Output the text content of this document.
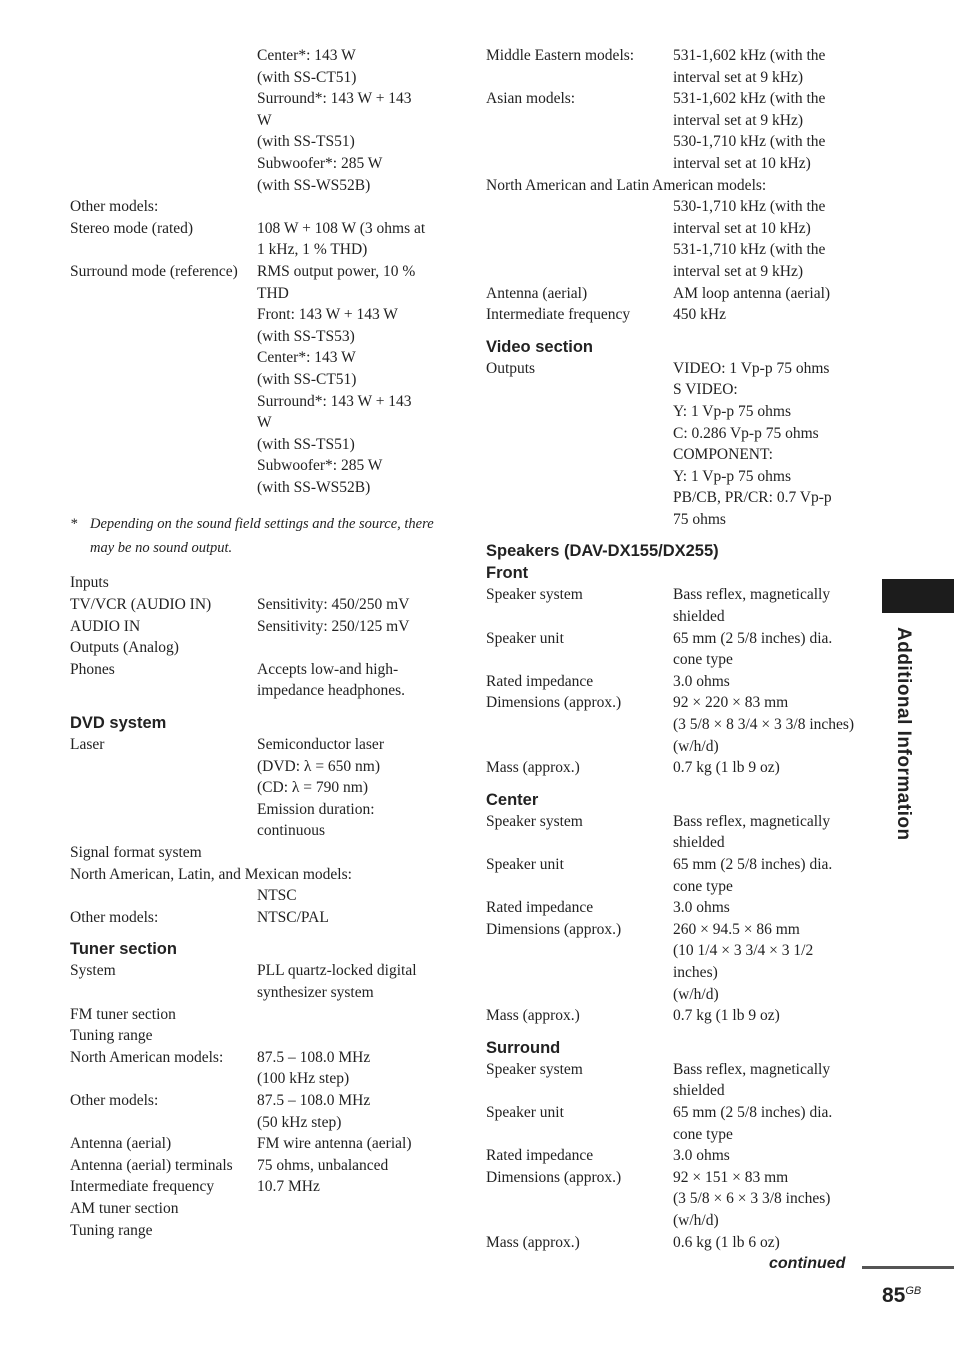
Center*: 143 W
(with SS-CT51)
Surround*: 143 W + 143
W
(with SS-TS51)
Subwoofer*: 285 W
(with SS-WS52B)
Other models:
Stereo mode (rated)	108 W + 108 W (3 ohms at
1 kHz, 1 % THD)
Surround mode (reference)	RMS output power, 10 %
THD
Front: 143 W + 143 W
(with SS-TS53)
Center*: 143 W
(with SS-CT51)
Surround*: 143 W + 143
W
(with SS-TS51)
Subwoofer*: 285 W
(with SS-WS52B)
* Depending on the sound field settings and the source, there may be no sound output.
Inputs
TV/VCR (AUDIO IN)	Sensitivity: 450/250 mV
AUDIO IN	Sensitivity: 250/125 mV
Outputs (Analog)
Phones	Accepts low-and high-
impedance headphones.
DVD system
Laser	Semiconductor laser
(DVD: λ = 650 nm)
(CD: λ = 790 nm)
Emission duration:
continuous
Signal format system
North American, Latin, and Mexican models:
NTSC
Other models:	NTSC/PAL
Tuner section
System	PLL quartz-locked digital
synthesizer system
FM tuner section
Tuning range
North American models:	87.5 – 108.0 MHz
(100 kHz step)
Other models:	87.5 – 108.0 MHz
(50 kHz step)
Antenna (aerial)	FM wire antenna (aerial)
Antenna (aerial) terminals	75 ohms, unbalanced
Intermediate frequency	10.7 MHz
AM tuner section
Tuning range
Middle Eastern models:	531-1,602 kHz (with the
interval set at 9 kHz)
Asian models:	531-1,602 kHz (with the
interval set at 9 kHz)
530-1,710 kHz (with the
interval set at 10 kHz)
North American and Latin American models:
530-1,710 kHz (with the
interval set at 10 kHz)
531-1,710 kHz (with the
interval set at 9 kHz)
Antenna (aerial)	AM loop antenna (aerial)
Intermediate frequency	450 kHz
Video section
Outputs	VIDEO: 1 Vp-p 75 ohms
S VIDEO:
Y: 1 Vp-p 75 ohms
C: 0.286 Vp-p 75 ohms
COMPONENT:
Y: 1 Vp-p 75 ohms
PB/CB, PR/CR: 0.7 Vp-p
75 ohms
Speakers (DAV-DX155/DX255)
Front
Speaker system	Bass reflex, magnetically
shielded
Speaker unit	65 mm (2 5/8 inches) dia.
cone type
Rated impedance	3.0 ohms
Dimensions (approx.)	92 × 220 × 83 mm
(3 5/8 × 8 3/4 × 3 3/8 inches)
(w/h/d)
Mass (approx.)	0.7 kg (1 lb 9 oz)
Center
Speaker system	Bass reflex, magnetically
shielded
Speaker unit	65 mm (2 5/8 inches) dia.
cone type
Rated impedance	3.0 ohms
Dimensions (approx.)	260 × 94.5 × 86 mm
(10 1/4 × 3 3/4 × 3 1/2 inches)
(w/h/d)
Mass (approx.)	0.7 kg (1 lb 9 oz)
Surround
Speaker system	Bass reflex, magnetically
shielded
Speaker unit	65 mm (2 5/8 inches) dia.
cone type
Rated impedance	3.0 ohms
Dimensions (approx.)	92 × 151 × 83 mm
(3 5/8 × 6 × 3 3/8 inches)
(w/h/d)
Mass (approx.)	0.6 kg (1 lb 6 oz)
Additional Information
continued
$85^{GB}$
